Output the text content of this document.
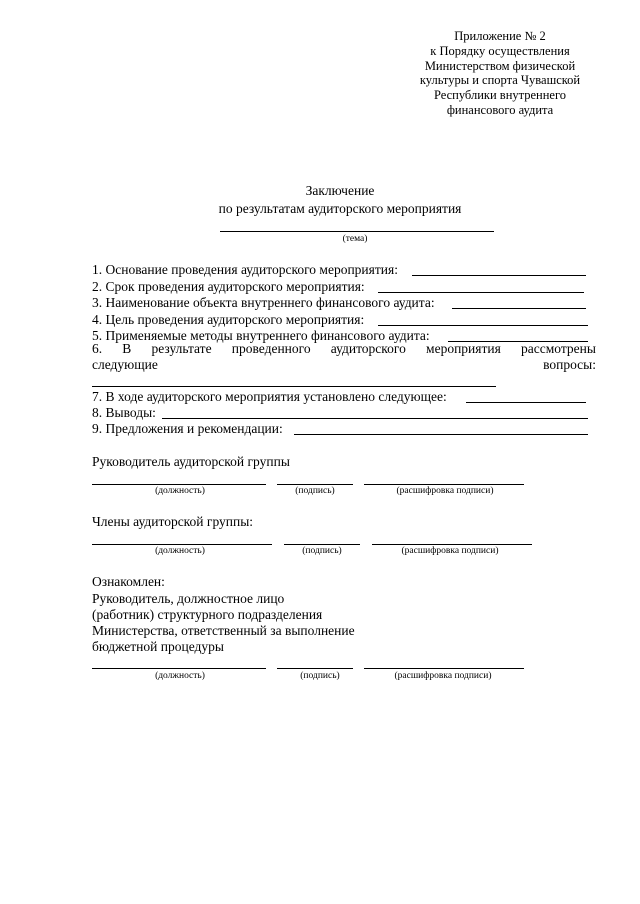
Приложение № 2
к Порядку осуществления
Министерством физической
культуры и спорта Чувашской
Республики внутреннего
финансового аудита
Заключение
по результатам аудиторского мероприятия
(тема)
1. Основание проведения аудиторского мероприятия:
2. Срок проведения аудиторского мероприятия:
3. Наименование объекта внутреннего финансового аудита:
4. Цель проведения аудиторского мероприятия:
5. Применяемые методы внутреннего финансового аудита:
6. В результате проведенного аудиторского мероприятия рассмотрены
следующие	вопросы:
7. В ходе аудиторского мероприятия установлено следующее:
8. Выводы:
9. Предложения и рекомендации:
Руководитель аудиторской группы
(должность)	(подпись)	(расшифровка подписи)
Члены аудиторской группы:
(должность)	(подпись)	(расшифровка подписи)
Ознакомлен:
Руководитель, должностное лицо
(работник) структурного подразделения
Министерства, ответственный за выполнение
бюджетной процедуры
(должность)	(подпись)	(расшифровка подписи)
